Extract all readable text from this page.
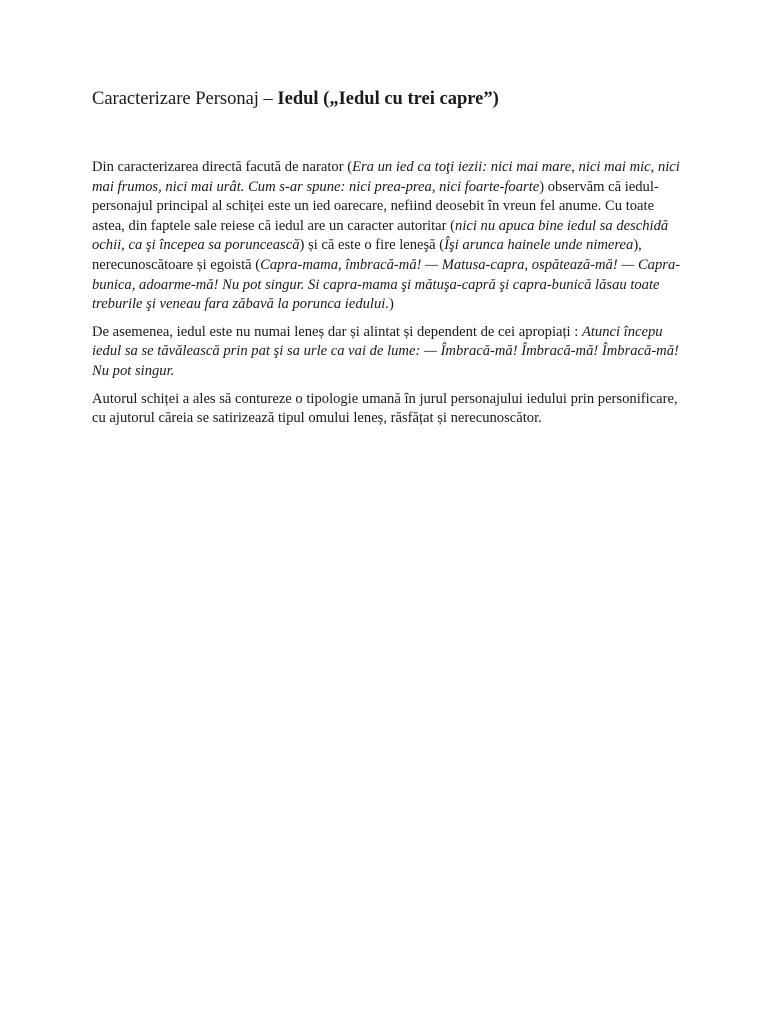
Caracterizare Personaj – Iedul („Iedul cu trei capre”)

Din caracterizarea directă facută de narator (Era un ied ca toţi iezii: nici mai mare, nici mai mic, nici mai frumos, nici mai urât. Cum s-ar spune: nici prea-prea, nici foarte-foarte) observăm că iedul- personajul principal al schiței este un ied oarecare, nefiind deosebit în vreun fel anume. Cu toate astea, din faptele sale reiese că iedul are un caracter autoritar (nici nu apuca bine iedul sa deschidă ochii, ca şi începea sa poruncească) și că este o fire leneşă (Îşi arunca hainele unde nimerea), nerecunoscătoare și egoistă (Capra-mama, îmbracă-mă! — Matusa-capra, ospătează-mă! — Capra-bunica, adoarme-mă! Nu pot singur. Si capra-mama şi mătuşa-capră şi capra-bunică lăsau toate treburile şi veneau fara zăbavă la porunca iedului.)

De asemenea, iedul este nu numai leneș dar și alintat și dependent de cei apropiați : Atunci începu iedul sa se tăvălească prin pat şi sa urle ca vai de lume: — Îmbracă-mă! Îmbracă-mă! Îmbracă-mă! Nu pot singur.

Autorul schiței a ales să contureze o tipologie umană în jurul personajului iedului prin personificare, cu ajutorul căreia se satirizează tipul omului leneș, răsfățat și nerecunoscător.
